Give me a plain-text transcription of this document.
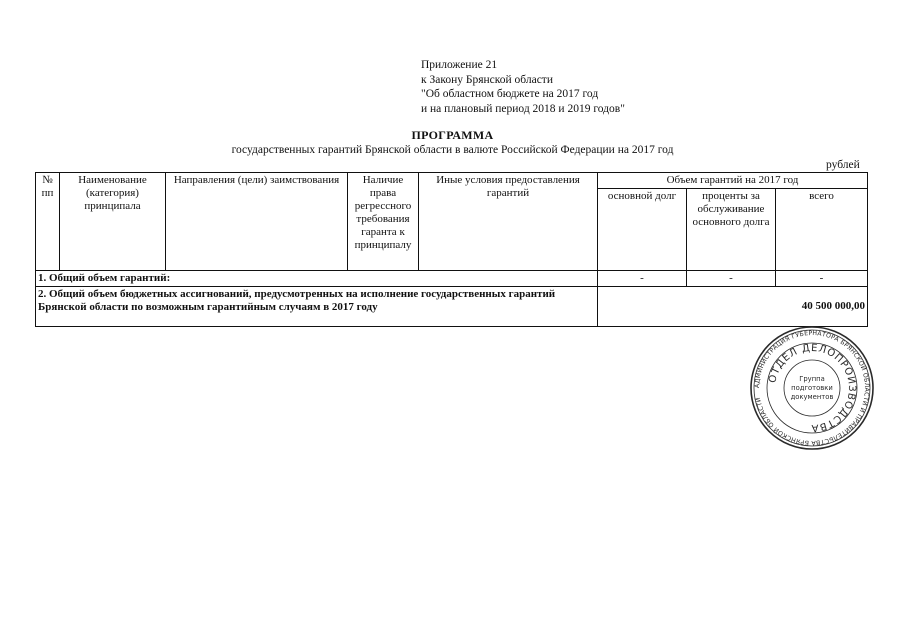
Приложение 21
к Закону Брянской области
"Об областном бюджете на 2017 год
и на плановый период 2018 и 2019 годов"
ПРОГРАММА
государственных гарантий Брянской области в валюте Российской Федерации на 2017 год
рублей
№ пп	Наименование (категория) принципала	Направления (цели) заимствования	Наличие права регрессного требования гаранта к принципалу	Иные условия предоставления гарантий	Объем гарантий на 2017 год		
					основной долг	проценты за обслуживание основного долга	всего
1. Общий объем гарантий:					-	-	-
2. Общий объем бюджетных ассигнований, предусмотренных на исполнение государственных гарантий Брянской области по возможным гарантийным случаям в 2017 году					40 500 000,00		
АДМИНИСТРАЦИЯ ГУБЕРНАТОРА БРЯНСКОЙ ОБЛАСТИ И ПРАВИТЕЛЬСТВА БРЯНСКОЙ ОБЛАСТИ
ОТДЕЛ ДЕЛОПРОИЗВОДСТВА
Группа
подготовки
документов
